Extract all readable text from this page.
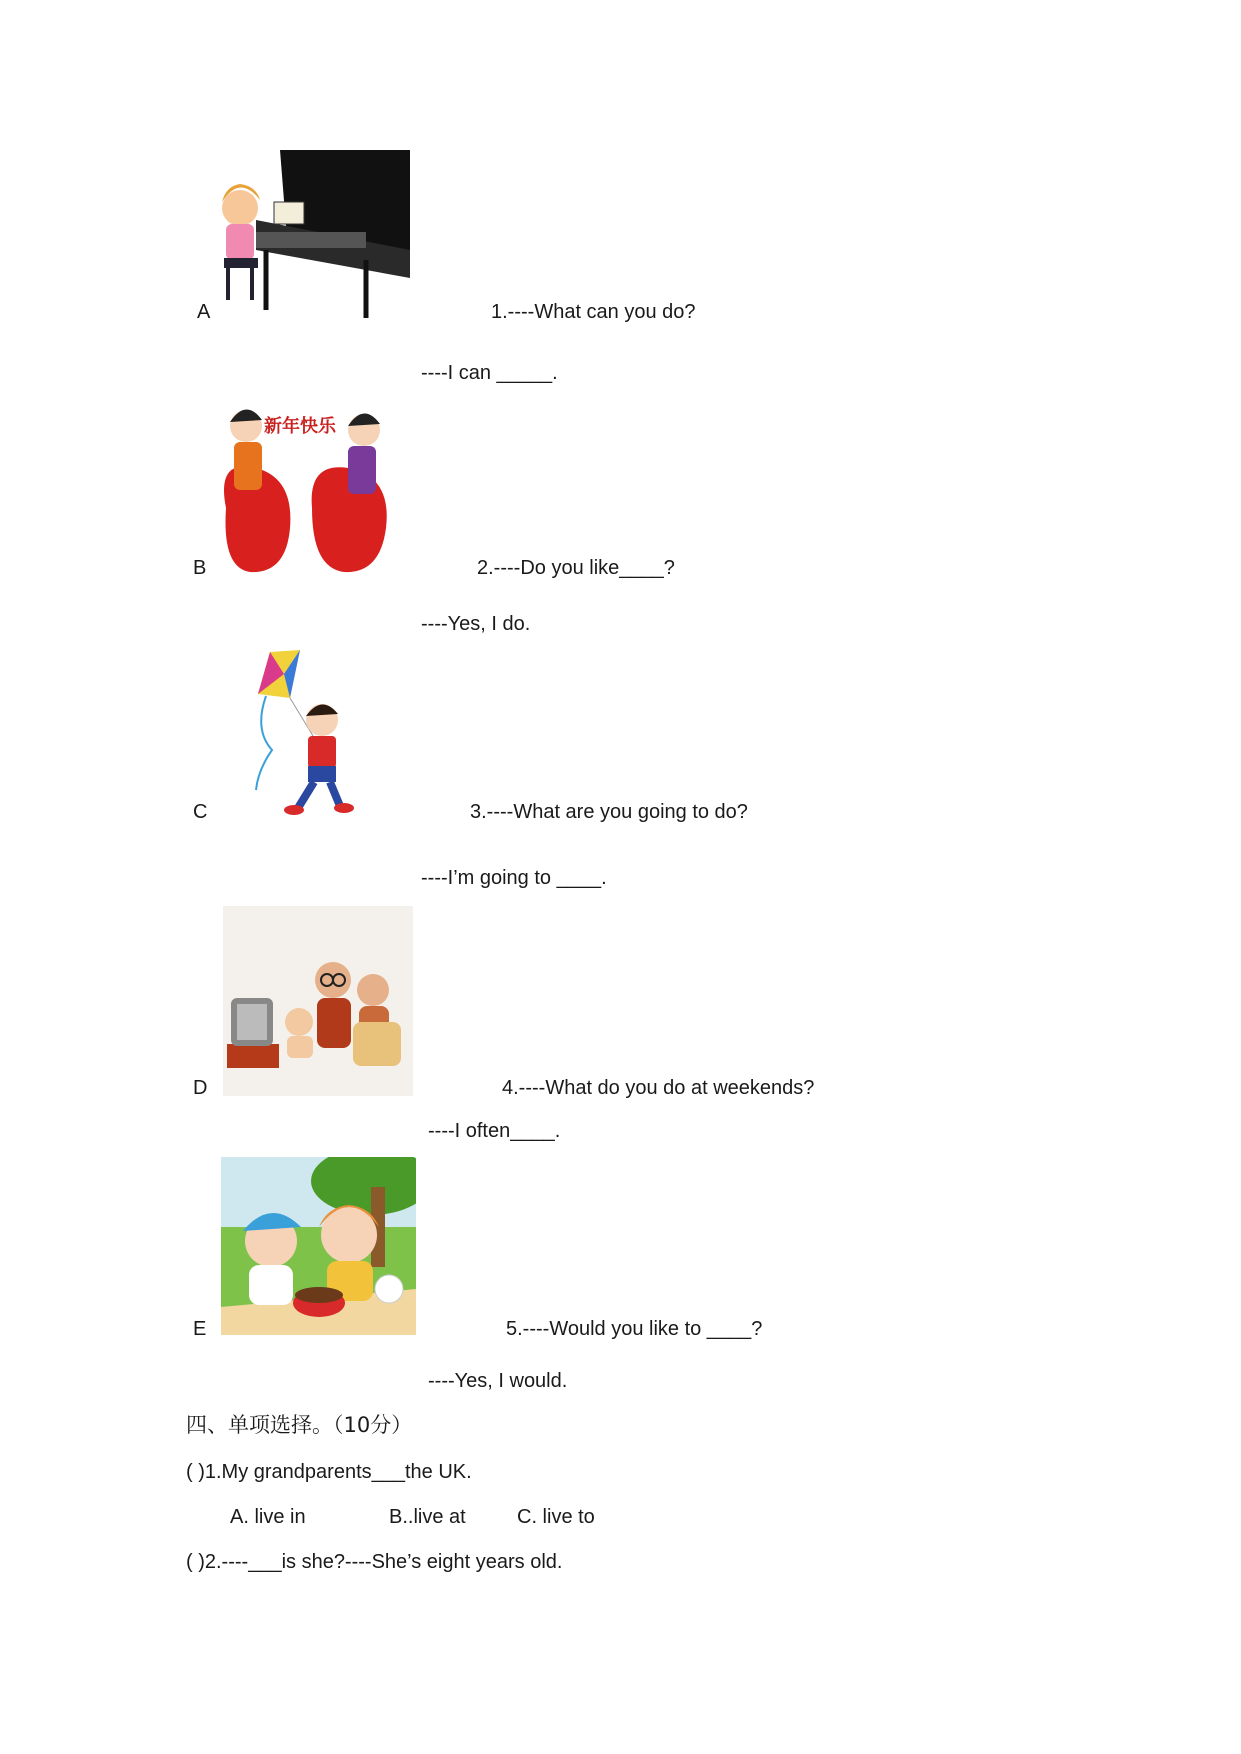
A	1.----What can you do?
----I can _____.
新年快乐
B	2.----Do you like____?
----Yes, I do.
C	3.----What are you going to do?
----I’m going to ____.
D	4.----What do you do at weekends?
----I often____.
E	5.----Would you like to ____?
----Yes, I would.
四、单项选择。（10分）
( )1.My grandparents___the UK.
A. live in	B..live at	C. live to
( )2.----___is she?----She’s eight years old.
